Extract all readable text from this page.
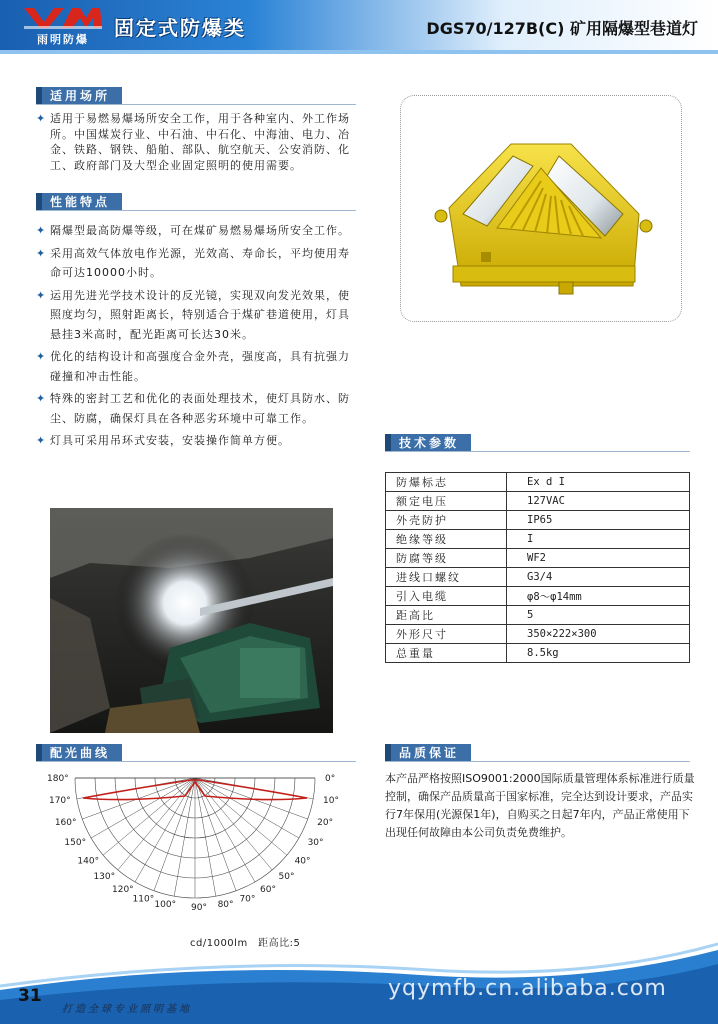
雨明防爆	固定式防爆类	DGS70/127B(C) 矿用隔爆型巷道灯
适用场所
✦ 适用于易燃易爆场所安全工作，用于各种室内、外工作场所。中国煤炭行业、中石油、中石化、中海油、电力、冶金、铁路、钢铁、船舶、部队、航空航天、公安消防、化工、政府部门及大型企业固定照明的使用需要。
性能特点
✦ 隔爆型最高防爆等级，可在煤矿易燃易爆场所安全工作。
✦ 采用高效气体放电作光源，光效高、寿命长，平均使用寿命可达10000小时。
✦ 运用先进光学技术设计的反光镜，实现双向发光效果，使照度均匀，照射距离长，特别适合于煤矿巷道使用，灯具悬挂3米高时，配光距离可长达30米。
✦ 优化的结构设计和高强度合金外壳，强度高，具有抗强力碰撞和冲击性能。
✦ 特殊的密封工艺和优化的表面处理技术，使灯具防水、防尘、防腐，确保灯具在各种恶劣环境中可靠工作。
✦ 灯具可采用吊环式安装，安装操作简单方便。	技术参数
防爆标志	Ex d I
额定电压	127VAC
外壳防护	IP65
绝缘等级	I
防腐等级	WF2
进线口螺纹	G3/4
引入电缆	φ8～φ14mm
距高比	5
外形尺寸	350×222×300
总重量	8.5kg
配光曲线
0°
10°
20°
30°
40°
50°
60°
70°
80°
180°
170°
160°
150°
140°
130°
120°
110°
100° 90°
cd/1000lm　距高比:5
品质保证
本产品严格按照ISO9001:2000国际质量管理体系标准进行质量控制，确保产品质量高于国家标准，完全达到设计要求，产品实行7年保用(光源保1年)，自购买之日起7年内，产品正常使用下出现任何故障由本公司负责免费维护。
31
打造全球专业照明基地
yqymfb.cn.alibaba.com
